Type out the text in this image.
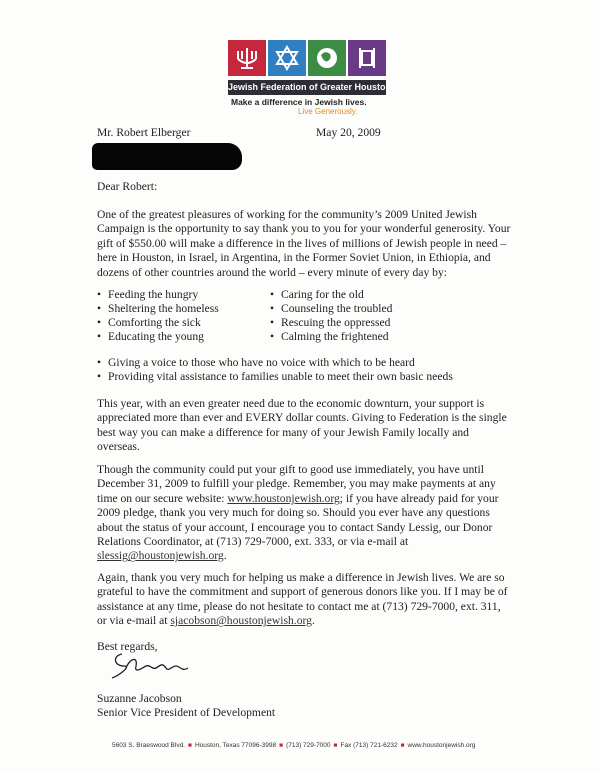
Jewish Federation of Greater Houston
Make a difference in Jewish lives.
Live Generously.
Mr. Robert Elberger	May 20, 2009
Dear Robert:
One of the greatest pleasures of working for the community’s 2009 United Jewish Campaign is the opportunity to say thank you to you for your wonderful generosity. Your gift of $550.00 will make a difference in the lives of millions of Jewish people in need – here in Houston, in Israel, in Argentina, in the Former Soviet Union, in Ethiopia, and dozens of other countries around the world – every minute of every day by:
• Feeding the hungry
• Sheltering the homeless
• Comforting the sick
• Educating the young
• Caring for the old
• Counseling the troubled
• Rescuing the oppressed
• Calming the frightened
• Giving a voice to those who have no voice with which to be heard
• Providing vital assistance to families unable to meet their own basic needs
This year, with an even greater need due to the economic downturn, your support is appreciated more than ever and EVERY dollar counts. Giving to Federation is the single best way you can make a difference for many of your Jewish Family locally and overseas.
Though the community could put your gift to good use immediately, you have until December 31, 2009 to fulfill your pledge. Remember, you may make payments at any time on our secure website: www.houstonjewish.org; if you have already paid for your 2009 pledge, thank you very much for doing so. Should you ever have any questions about the status of your account, I encourage you to contact Sandy Lessig, our Donor Relations Coordinator, at (713) 729-7000, ext. 333, or via e-mail at slessig@houstonjewish.org.
Again, thank you very much for helping us make a difference in Jewish lives. We are so grateful to have the commitment and support of generous donors like you. If I may be of assistance at any time, please do not hesitate to contact me at (713) 729-7000, ext. 311, or via e-mail at sjacobson@houstonjewish.org.
Best regards,
Suzanne Jacobson
Senior Vice President of Development
5603 S. Braeswood Blvd. ■ Houston, Texas 77096-3998 ■ (713) 729-7000 ■ Fax (713) 721-6232 ■ www.houstonjewish.org
